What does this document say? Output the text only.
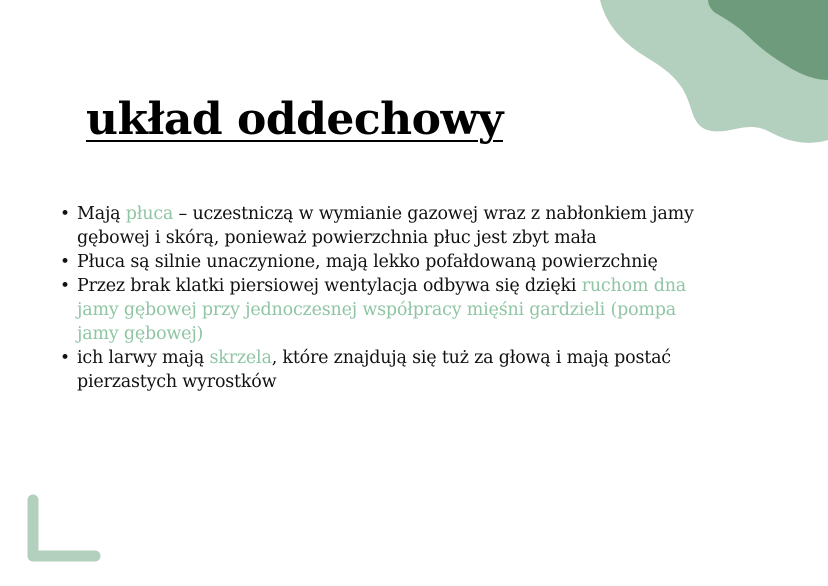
układ oddechowy
• Mają płuca – uczestniczą w wymianie gazowej wraz z nabłonkiem jamy gębowej i skórą, ponieważ powierzchnia płuc jest zbyt mała
• Płuca są silnie unaczynione, mają lekko pofałdowaną powierzchnię
• Przez brak klatki piersiowej wentylacja odbywa się dzięki ruchom dna jamy gębowej przy jednoczesnej współpracy mięśni gardzieli (pompa jamy gębowej)
• ich larwy mają skrzela, które znajdują się tuż za głową i mają postać pierzastych wyrostków
